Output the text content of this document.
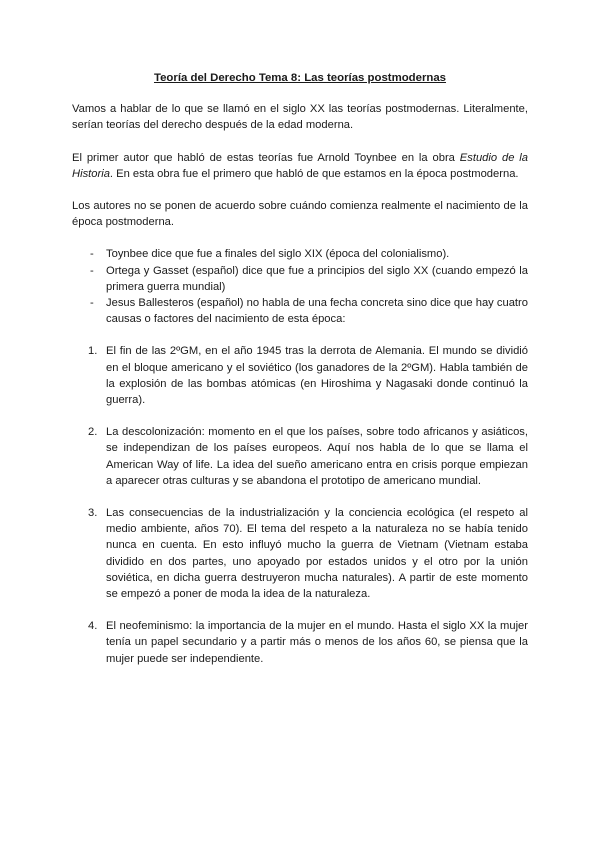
Teoría del Derecho Tema 8: Las teorías postmodernas

Vamos a hablar de lo que se llamó en el siglo XX las teorías postmodernas. Literalmente, serían teorías del derecho después de la edad moderna.

El primer autor que habló de estas teorías fue Arnold Toynbee en la obra Estudio de la Historia. En esta obra fue el primero que habló de que estamos en la época postmoderna.

Los autores no se ponen de acuerdo sobre cuándo comienza realmente el nacimiento de la época postmoderna.

- Toynbee dice que fue a finales del siglo XIX (época del colonialismo).
- Ortega y Gasset (español) dice que fue a principios del siglo XX (cuando empezó la primera guerra mundial)
- Jesus Ballesteros (español) no habla de una fecha concreta sino dice que hay cuatro causas o factores del nacimiento de esta época:
1. El fin de las 2ºGM, en el año 1945 tras la derrota de Alemania. El mundo se dividió en el bloque americano y el soviético (los ganadores de la 2ºGM). Habla también de la explosión de las bombas atómicas (en Hiroshima y Nagasaki donde continuó la guerra).
2. La descolonización: momento en el que los países, sobre todo africanos y asiáticos, se independizan de los países europeos. Aquí nos habla de lo que se llama el American Way of life. La idea del sueño americano entra en crisis porque empiezan a aparecer otras culturas y se abandona el prototipo de americano mundial.
3. Las consecuencias de la industrialización y la conciencia ecológica (el respeto al medio ambiente, años 70). El tema del respeto a la naturaleza no se había tenido nunca en cuenta. En esto influyó mucho la guerra de Vietnam (Vietnam estaba dividido en dos partes, uno apoyado por estados unidos y el otro por la unión soviética, en dicha guerra destruyeron mucha naturales). A partir de este momento se empezó a poner de moda la idea de la naturaleza.
4. El neofeminismo: la importancia de la mujer en el mundo. Hasta el siglo XX la mujer tenía un papel secundario y a partir más o menos de los años 60, se piensa que la mujer puede ser independiente.
